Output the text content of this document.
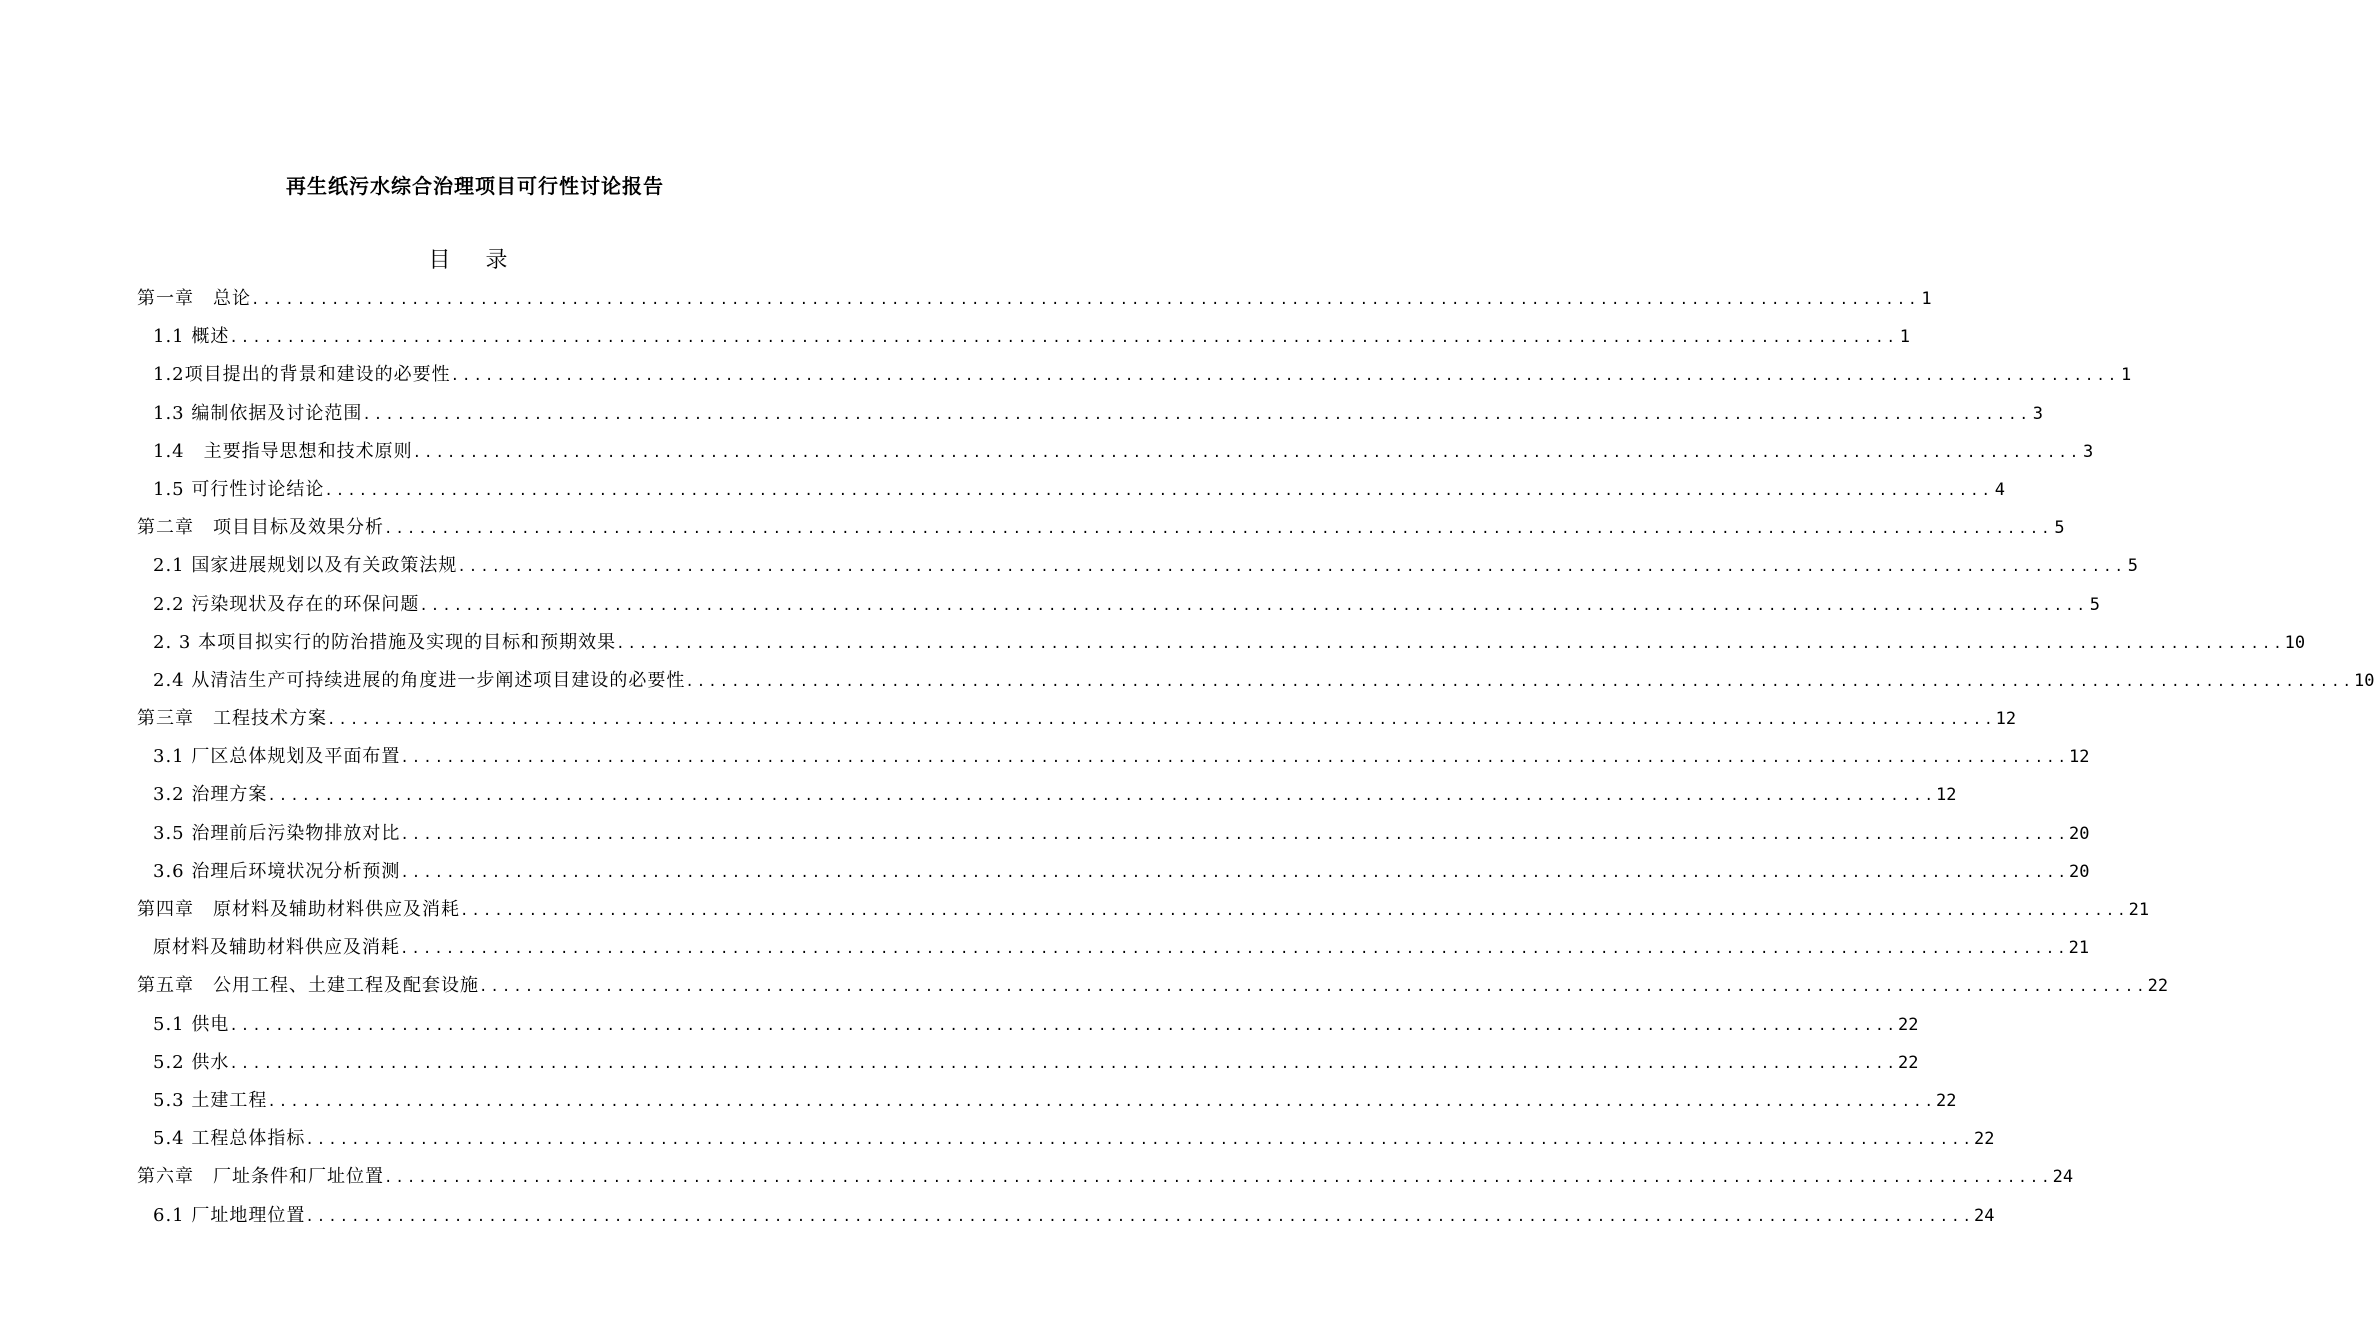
再生纸污水综合治理项目可行性讨论报告
目 录
第一章　总论 .....	1
1.1 概述 .....	1
1.2项目提出的背景和建设的必要性 .....	1
1.3 编制依据及讨论范围 .....	3
1.4　主要指导思想和技术原则 .....	3
1.5 可行性讨论结论 .....	4
第二章　项目目标及效果分析 .....	5
2.1 国家进展规划以及有关政策法规 .....	5
2.2 污染现状及存在的环保问题 .....	5
2. 3 本项目拟实行的防治措施及实现的目标和预期效果 .....	10
2.4 从清洁生产可持续进展的角度进一步阐述项目建设的必要性 .....	10
第三章　工程技术方案 .....	12
3.1 厂区总体规划及平面布置 .....	12
3.2 治理方案 .....	12
3.5 治理前后污染物排放对比 .....	20
3.6 治理后环境状况分析预测 .....	20
第四章　原材料及辅助材料供应及消耗 .....	21
原材料及辅助材料供应及消耗 .....	21
第五章　公用工程、土建工程及配套设施 .....	22
5.1 供电 .....	22
5.2 供水 .....	22
5.3 土建工程 .....	22
5.4 工程总体指标 .....	22
第六章　厂址条件和厂址位置 .....	24
6.1 厂址地理位置 .....	24
